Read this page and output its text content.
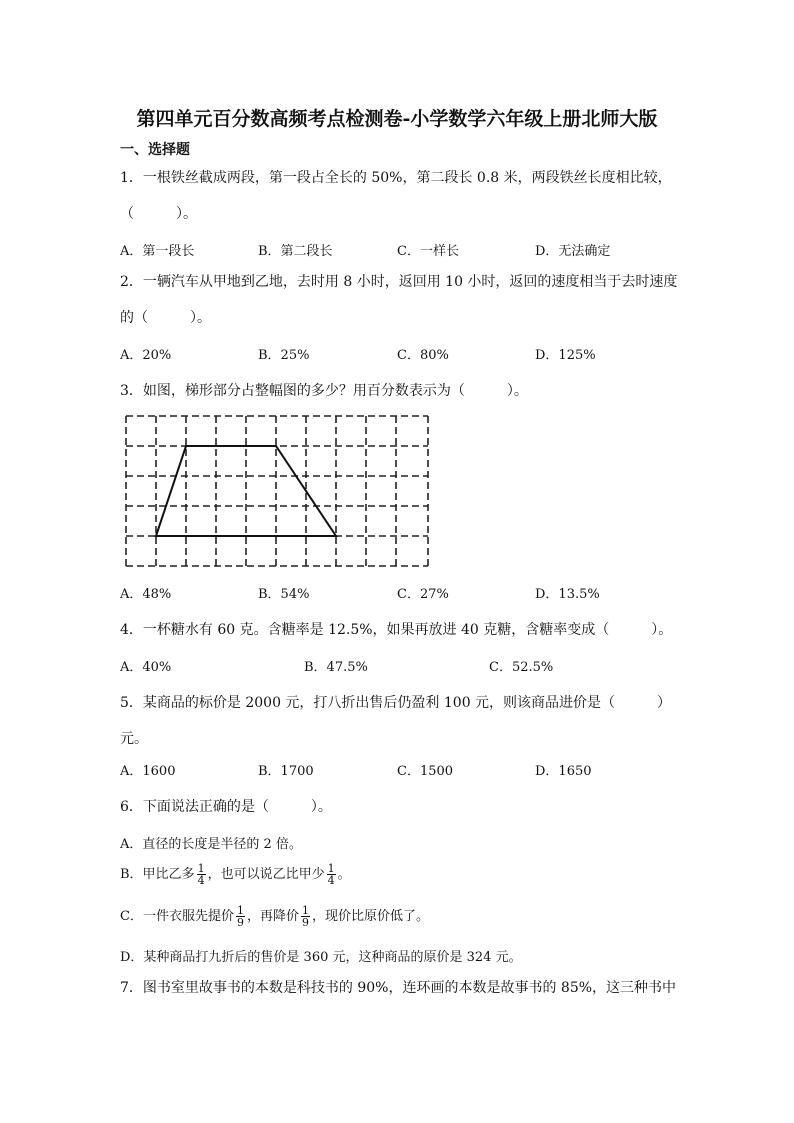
第四单元百分数高频考点检测卷-小学数学六年级上册北师大版
一、选择题
1．一根铁丝截成两段，第一段占全长的 50%，第二段长 0.8 米，两段铁丝长度相比较，
（　　　）。
A．第一段长	B．第二段长	C．一样长	D．无法确定
2．一辆汽车从甲地到乙地，去时用 8 小时，返回用 10 小时，返回的速度相当于去时速度
的（　　　）。
A．20%	B．25%	C．80%	D．125%
3．如图，梯形部分占整幅图的多少？用百分数表示为（　　　）。
A．48%	B．54%	C．27%	D．13.5%
4．一杯糖水有 60 克。含糖率是 12.5%，如果再放进 40 克糖，含糖率变成（　　　）。
A．40%	B．47.5%	C．52.5%
5．某商品的标价是 2000 元，打八折出售后仍盈利 100 元，则该商品进价是（　　　）
元。
A．1600	B．1700	C．1500	D．1650
6．下面说法正确的是（　　　）。
A．直径的长度是半径的 2 倍。
B．甲比乙多 $\frac{1}{4}$ ，也可以说乙比甲少 $\frac{1}{4}$ 。
C．一件衣服先提价 $\frac{1}{9}$ ，再降价 $\frac{1}{9}$ ，现价比原价低了。
D．某种商品打九折后的售价是 360 元，这种商品的原价是 324 元。
7．图书室里故事书的本数是科技书的 90%，连环画的本数是故事书的 85%，这三种书中
